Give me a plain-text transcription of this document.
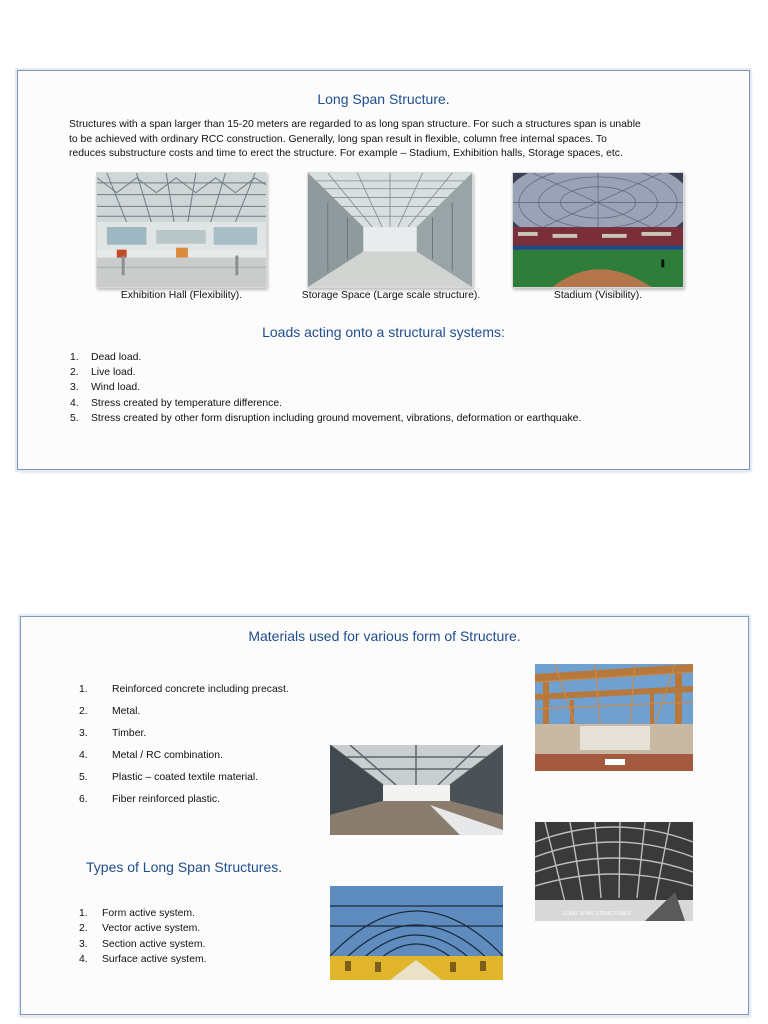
Long Span Structure.
Structures with a span larger than 15-20 meters are regarded to as long span structure. For such a structures span is unable
to be achieved with ordinary RCC construction. Generally, long span result in flexible, column free internal spaces. To
reduces substructure costs and time to erect the structure. For example – Stadium, Exhibition halls, Storage spaces, etc.
Exhibition Hall (Flexibility).	Storage Space (Large scale structure).	Stadium (Visibility).
Loads acting onto a structural systems:
1.	Dead load.
2.	Live load.
3.	Wind load.
4.	Stress created by temperature difference.
5.	Stress created by other form disruption including ground movement, vibrations, deformation or earthquake.
Materials used for various form of Structure.
1.	Reinforced concrete including precast.
2.	Metal.
3.	Timber.
4.	Metal / RC combination.
5.	Plastic – coated textile material.
6.	Fiber reinforced plastic.
Types of Long Span Structures.
1.	Form active system.
2.	Vector active system.
3.	Section active system.
4.	Surface active system.
LONG SPAN STRUCTURES
